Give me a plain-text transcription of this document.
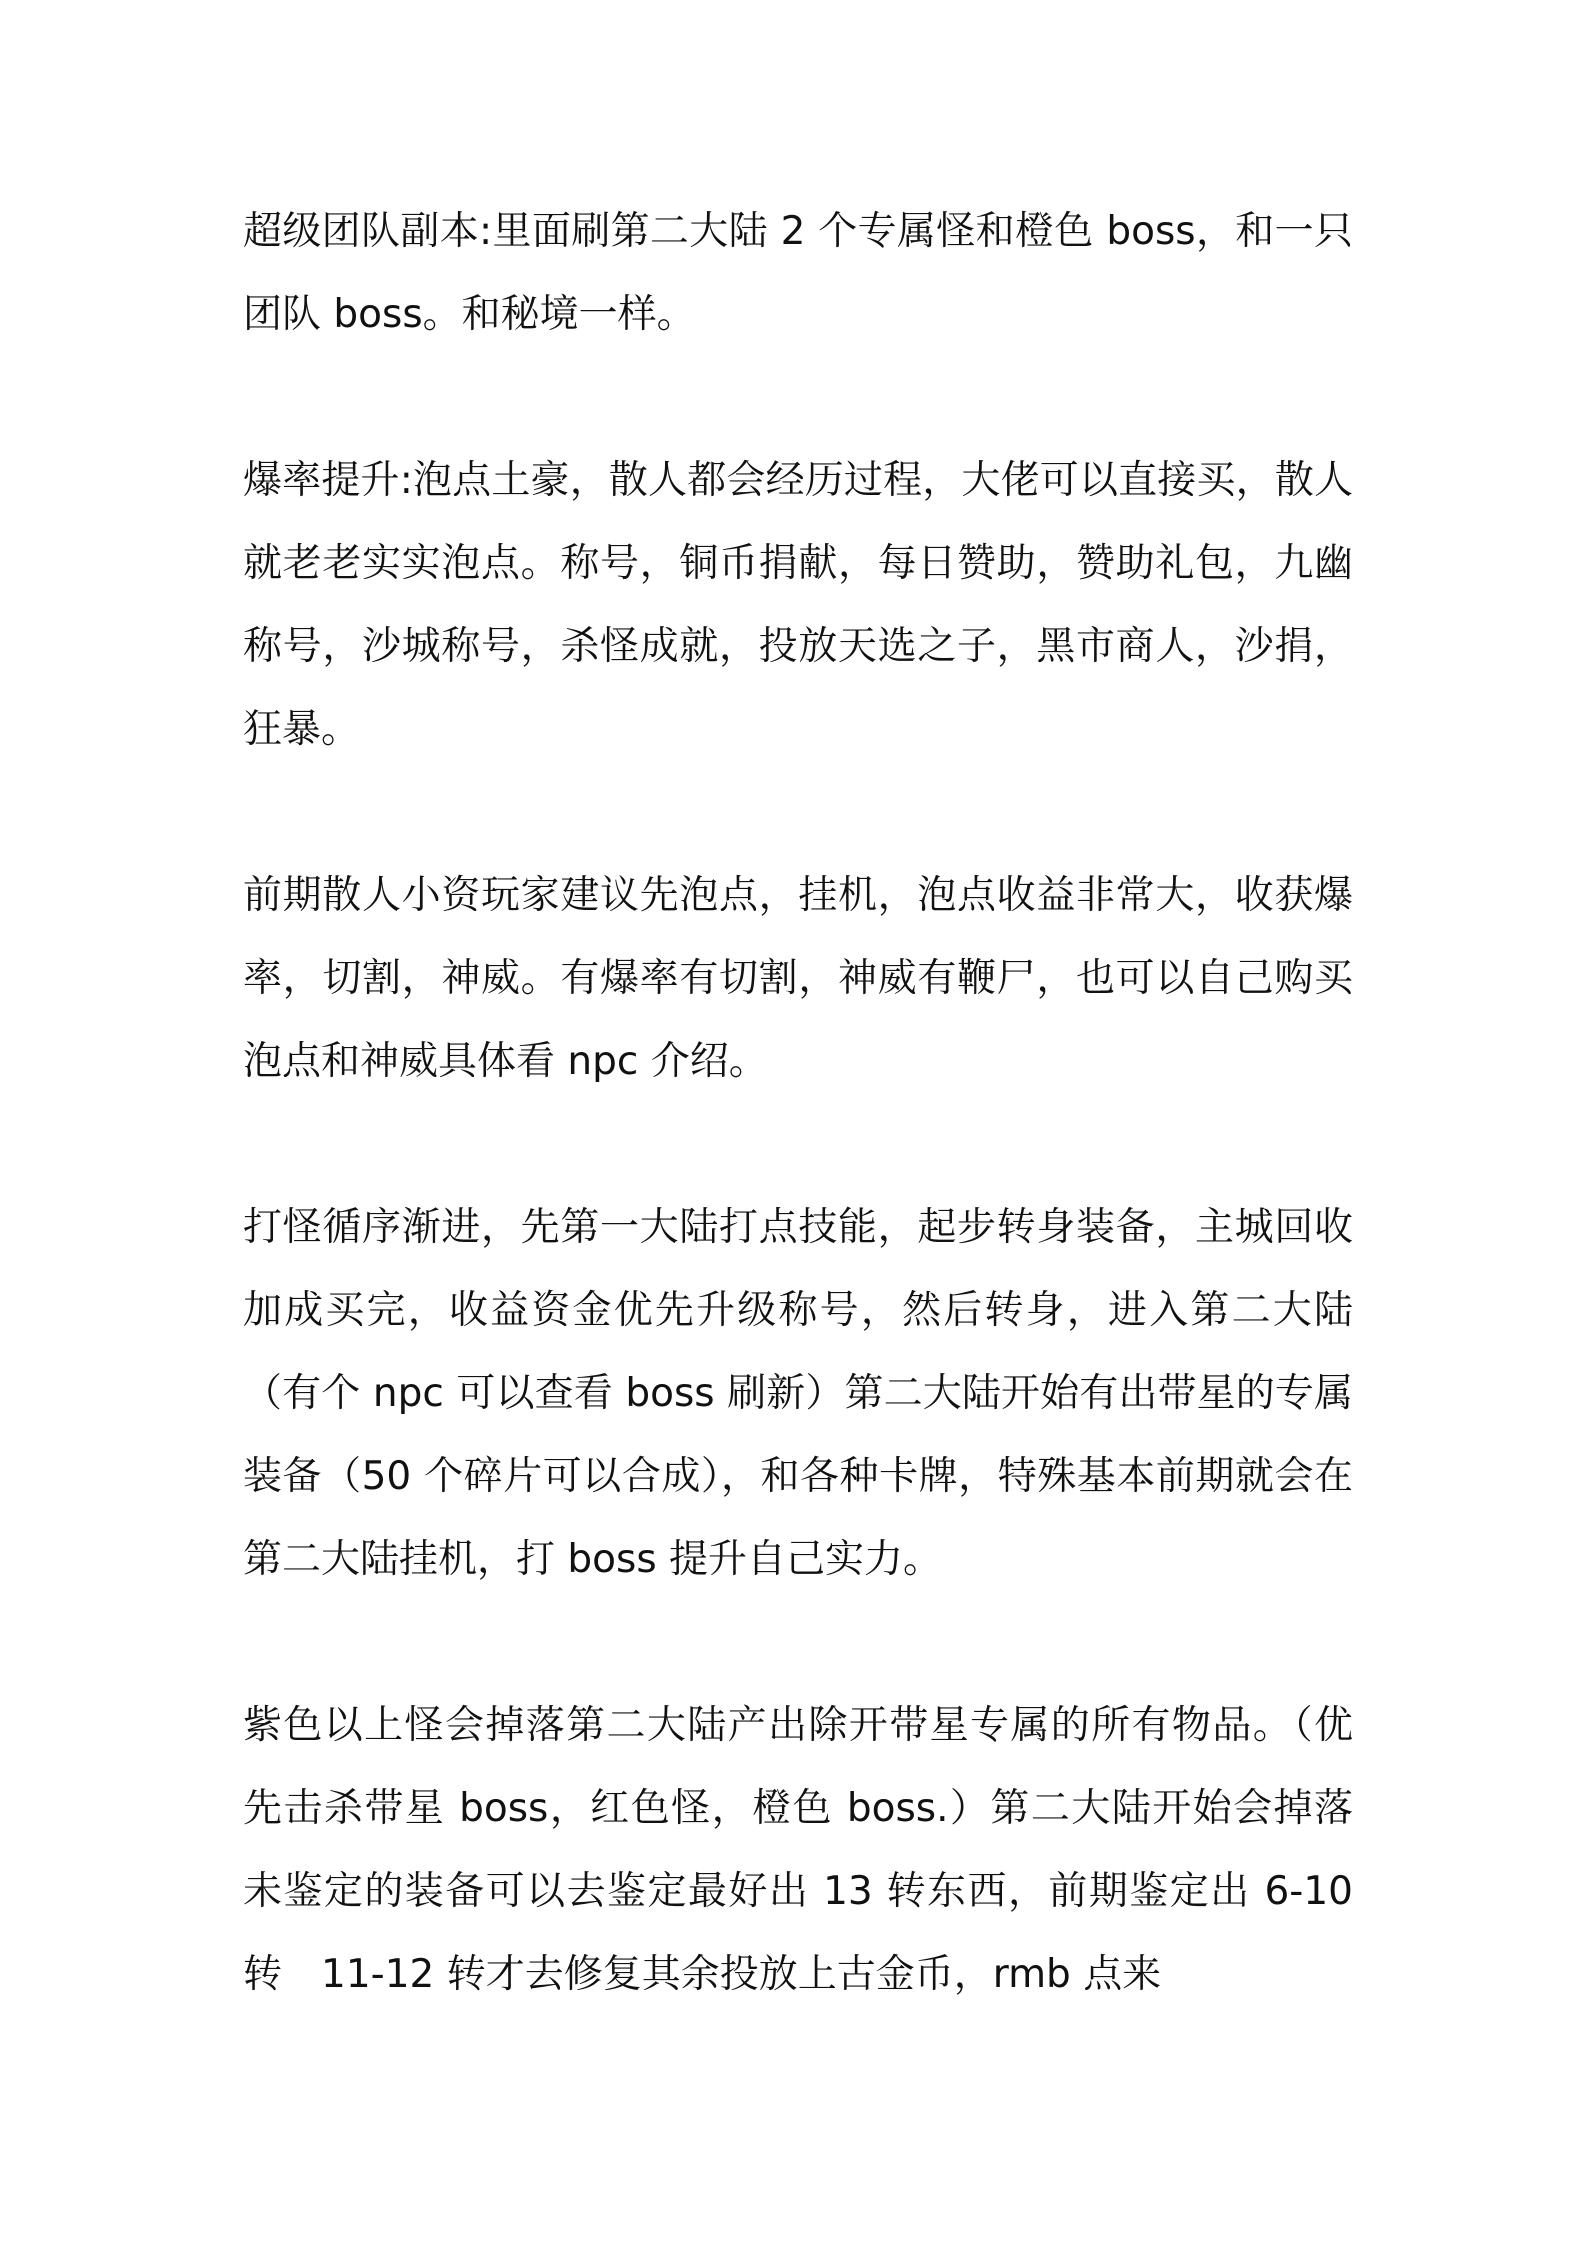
超级团队副本:里面刷第二大陆 2 个专属怪和橙色 boss，和一只团队 boss。和秘境一样。

爆率提升:泡点土豪，散人都会经历过程，大佬可以直接买，散人就老老实实泡点。称号，铜币捐献，每日赞助，赞助礼包，九幽称号，沙城称号，杀怪成就，投放天选之子，黑市商人，沙捐，狂暴。

前期散人小资玩家建议先泡点，挂机，泡点收益非常大，收获爆率，切割，神威。有爆率有切割，神威有鞭尸，也可以自己购买泡点和神威具体看 npc 介绍。

打怪循序渐进，先第一大陆打点技能，起步转身装备，主城回收加成买完，收益资金优先升级称号，然后转身，进入第二大陆（有个 npc 可以查看 boss 刷新）第二大陆开始有出带星的专属装备（50 个碎片可以合成），和各种卡牌，特殊基本前期就会在第二大陆挂机，打 boss 提升自己实力。

紫色以上怪会掉落第二大陆产出除开带星专属的所有物品。（优先击杀带星 boss，红色怪，橙色 boss.）第二大陆开始会掉落未鉴定的装备可以去鉴定最好出 13 转东西，前期鉴定出 6-10 转　11-12 转才去修复其余投放上古金币，rmb 点来
